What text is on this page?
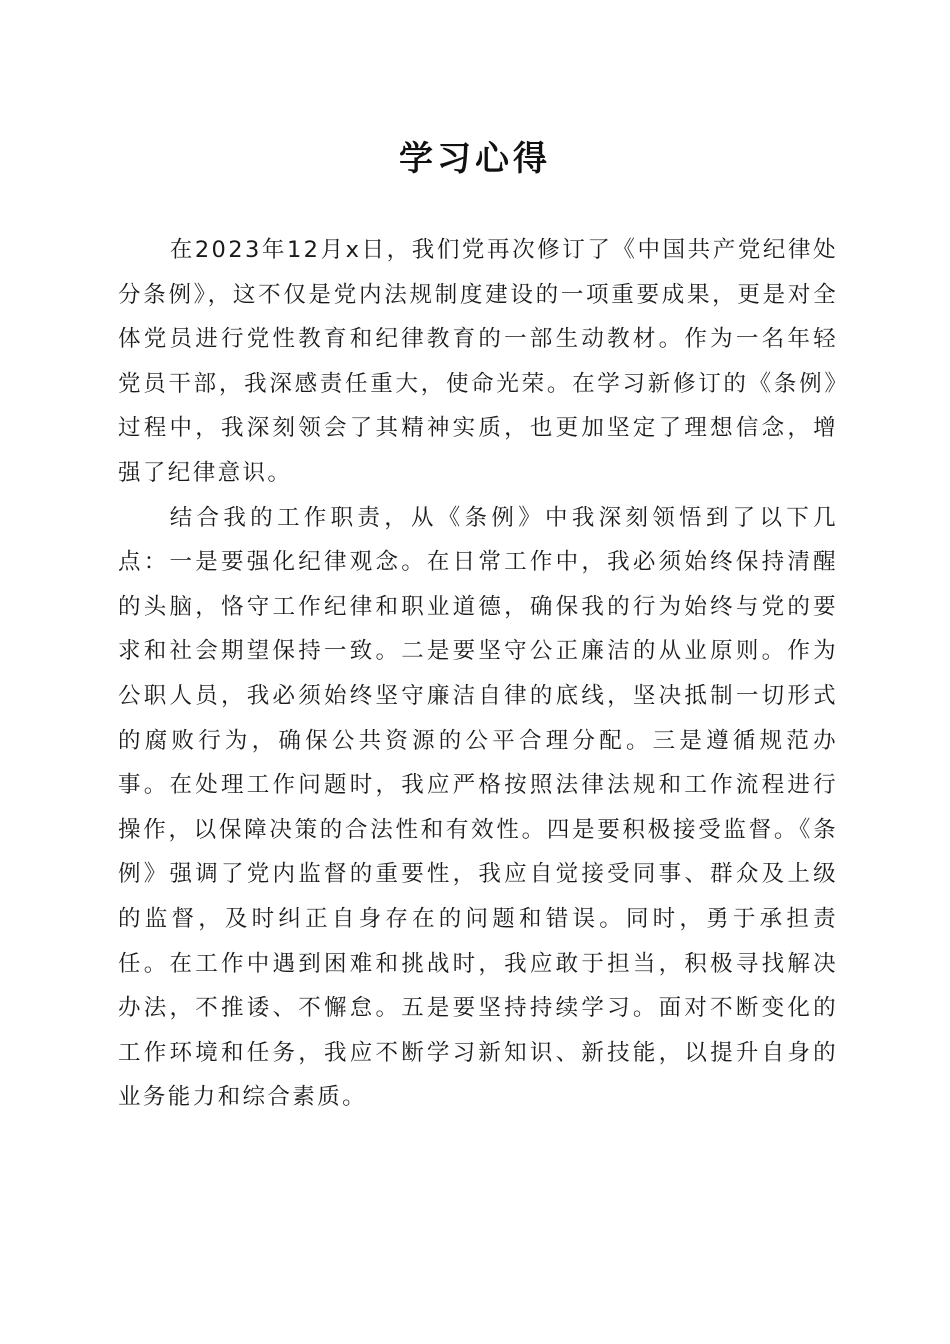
学习心得

在2023年12月x日，我们党再次修订了《中国共产党纪律处分条例》，这不仅是党内法规制度建设的一项重要成果，更是对全体党员进行党性教育和纪律教育的一部生动教材。作为一名年轻党员干部，我深感责任重大，使命光荣。在学习新修订的《条例》过程中，我深刻领会了其精神实质，也更加坚定了理想信念，增强了纪律意识。

结合我的工作职责，从《条例》中我深刻领悟到了以下几点：一是要强化纪律观念。在日常工作中，我必须始终保持清醒的头脑，恪守工作纪律和职业道德，确保我的行为始终与党的要求和社会期望保持一致。二是要坚守公正廉洁的从业原则。作为公职人员，我必须始终坚守廉洁自律的底线，坚决抵制一切形式的腐败行为，确保公共资源的公平合理分配。三是遵循规范办事。在处理工作问题时，我应严格按照法律法规和工作流程进行操作，以保障决策的合法性和有效性。四是要积极接受监督。《条例》强调了党内监督的重要性，我应自觉接受同事、群众及上级的监督，及时纠正自身存在的问题和错误。同时，勇于承担责任。在工作中遇到困难和挑战时，我应敢于担当，积极寻找解决办法，不推诿、不懈怠。五是要坚持持续学习。面对不断变化的工作环境和任务，我应不断学习新知识、新技能，以提升自身的业务能力和综合素质。
